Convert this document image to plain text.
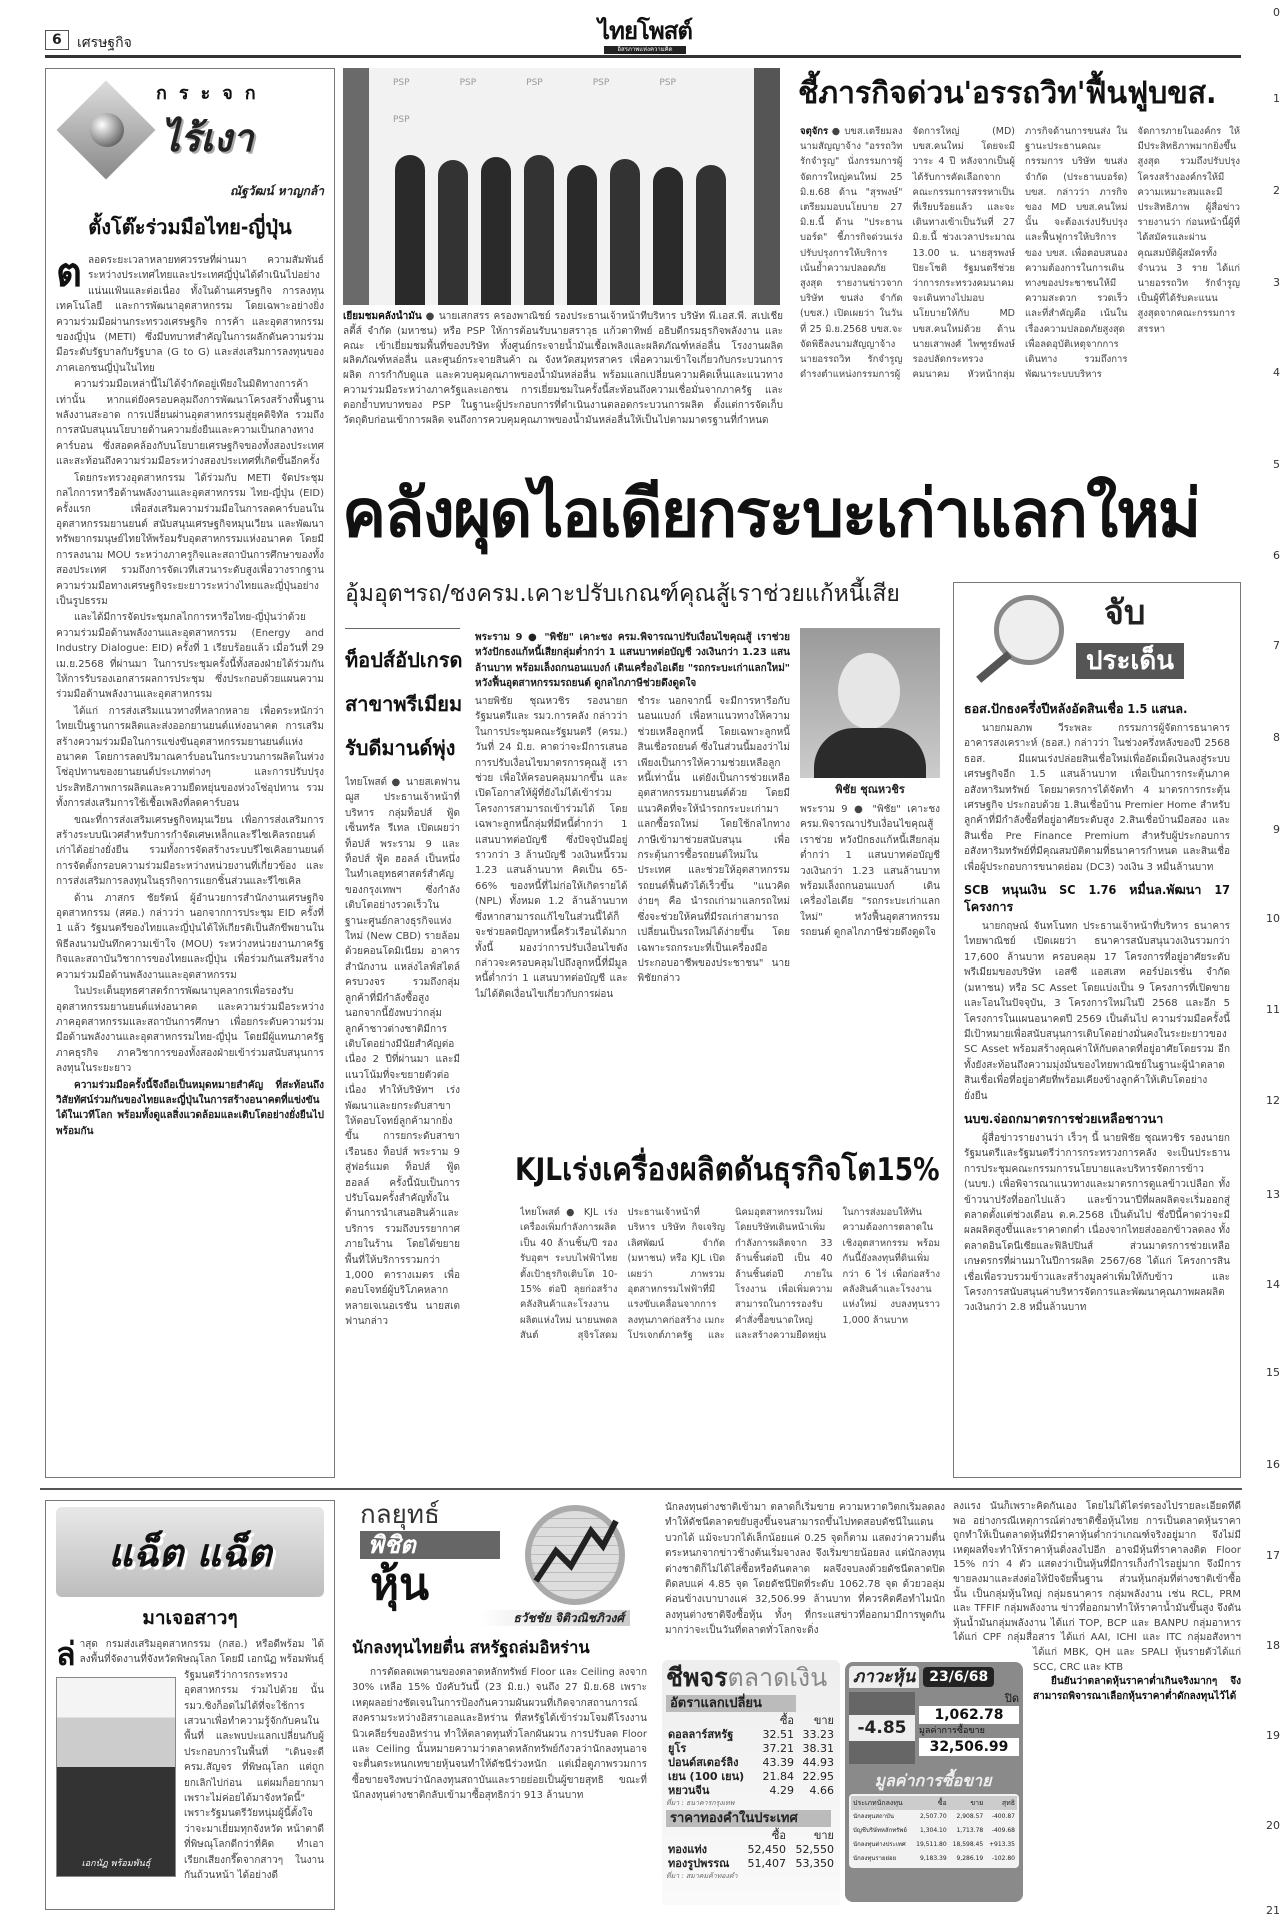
6	เศรษฐกิจ	ไทยโพสต์
อิสรภาพแห่งความคิด
0
1
2
3
4
5
6
7
8
9
10
11
12
13
14
15
16
17
18
19
20
21
กระจก
ไร้เงา
ณัฐวัฒน์ หาญกล้า
ตั้งโต๊ะร่วมมือไทย-ญี่ปุ่น
ต ลอดระยะเวลาหลายทศวรรษที่ผ่านมา ความสัมพันธ์ระหว่างประเทศไทยและประเทศญี่ปุ่นได้ดำเนินไปอย่างแน่นแฟ้นและต่อเนื่อง ทั้งในด้านเศรษฐกิจ การลงทุน เทคโนโลยี และการพัฒนาอุตสาหกรรม โดยเฉพาะอย่างยิ่ง ความร่วมมือผ่านกระทรวงเศรษฐกิจ การค้า และอุตสาหกรรมของญี่ปุ่น (METI) ซึ่งมีบทบาทสำคัญในการผลักดันความร่วมมือระดับรัฐบาลกับรัฐบาล (G to G) และส่งเสริมการลงทุนของภาคเอกชนญี่ปุ่นในไทย

ความร่วมมือเหล่านี้ไม่ได้จำกัดอยู่เพียงในมิติทางการค้าเท่านั้น หากแต่ยังครอบคลุมถึงการพัฒนาโครงสร้างพื้นฐาน พลังงานสะอาด การเปลี่ยนผ่านอุตสาหกรรมสู่ยุคดิจิทัล รวมถึงการสนับสนุนนโยบายด้านความยั่งยืนและความเป็นกลางทางคาร์บอน ซึ่งสอดคล้องกับนโยบายเศรษฐกิจของทั้งสองประเทศ และสะท้อนถึงความร่วมมือระหว่างสองประเทศที่เกิดขึ้นอีกครั้ง

โดยกระทรวงอุตสาหกรรม ได้ร่วมกับ METI จัดประชุมกลไกการหารือด้านพลังงานและอุตสาหกรรม ไทย-ญี่ปุ่น (EID) ครั้งแรก เพื่อส่งเสริมความร่วมมือในการลดคาร์บอนในอุตสาหกรรมยานยนต์ สนับสนุนเศรษฐกิจหมุนเวียน และพัฒนาทรัพยากรมนุษย์ไทยให้พร้อมรับอุตสาหกรรมแห่งอนาคต โดยมีการลงนาม MOU ระหว่างภาครูกิจและสถาบันการศึกษาของทั้งสองประเทศ รวมถึงการจัดเวทีเสวนาระดับสูงเพื่อวางรากฐานความร่วมมือทางเศรษฐกิจระยะยาวระหว่างไทยและญี่ปุ่นอย่างเป็นรูปธรรม

และได้มีการจัดประชุมกลไกการหารือไทย-ญี่ปุ่นว่าด้วยความร่วมมือด้านพลังงานและอุตสาหกรรม (Energy and Industry Dialogue: EID) ครั้งที่ 1 เรียบร้อยแล้ว เมื่อวันที่ 29 เม.ย.2568 ที่ผ่านมา ในการประชุมครั้งนี้ทั้งสองฝ่ายได้ร่วมกันให้การรับรองเอกสารผลการประชุม ซึ่งประกอบด้วยแผนความร่วมมือด้านพลังงานและอุตสาหกรรม

ได้แก่ การส่งเสริมแนวทางที่หลากหลาย เพื่อตระหนักว่าไทยเป็นฐานการผลิตและส่งออกยานยนต์แห่งอนาคต การเสริมสร้างความร่วมมือในการแข่งขันอุตสาหกรรมยานยนต์แห่งอนาคต โดยการลดปริมาณคาร์บอนในกระบวนการผลิตในห่วงโซ่อุปทานของยานยนต์ประเภทต่างๆ และการปรับปรุงประสิทธิภาพการผลิตและความยืดหยุ่นของห่วงโซ่อุปทาน รวมทั้งการส่งเสริมการใช้เชื้อเพลิงที่ลดคาร์บอน

ขณะที่การส่งเสริมเศรษฐกิจหมุนเวียน เพื่อการส่งเสริมการสร้างระบบนิเวศสำหรับการกำจัดเศษเหล็กและรีไซเคิลรถยนต์เก่าได้อย่างยั่งยืน รวมทั้งการจัดสร้างระบบรีไซเคิลยานยนต์ การจัดตั้งกรอบความร่วมมือระหว่างหน่วยงานที่เกี่ยวข้อง และการส่งเสริมการลงทุนในธุรกิจการแยกชิ้นส่วนและรีไซเคิล

ด้าน ภาสกร ชัยรัตน์ ผู้อำนวยการสำนักงานเศรษฐกิจอุตสาหกรรม (สศอ.) กล่าวว่า นอกจากการประชุม EID ครั้งที่ 1 แล้ว รัฐมนตรีของไทยและญี่ปุ่นได้ให้เกียรติเป็นสักขีพยานในพิธีลงนามบันทึกความเข้าใจ (MOU) ระหว่างหน่วยงานภาครัฐกิจและสถาบันวิชาการของไทยและญี่ปุ่น เพื่อร่วมกันเสริมสร้างความร่วมมือด้านพลังงานและอุตสาหกรรม

ในประเด็นยุทธศาสตร์การพัฒนาบุคลากรเพื่อรองรับอุตสาหกรรมยานยนต์แห่งอนาคต และความร่วมมือระหว่างภาคอุตสาหกรรมและสถาบันการศึกษา เพื่อยกระดับความร่วมมือด้านพลังงานและอุตสาหกรรมไทย-ญี่ปุ่น โดยมีผู้แทนภาครัฐภาคธุรกิจ ภาควิชาการของทั้งสองฝ่ายเข้าร่วมสนับสนุนการลงทุนในระยะยาว

ความร่วมมือครั้งนี้จึงถือเป็นหมุดหมายสำคัญ ที่สะท้อนถึงวิสัยทัศน์ร่วมกันของไทยและญี่ปุ่นในการสร้างอนาคตที่แข่งขันได้ในเวทีโลก พร้อมทั้งดูแลสิ่งแวดล้อมและเติบโตอย่างยั่งยืนไปพร้อมกัน

PSP	PSP	PSP	PSP	PSP
PSP
เยี่ยมชมคลังน้ำมัน ● นายเสกสรร ครองพาณิชย์ รองประธานเจ้าหน้าที่บริหาร บริษัท พี.เอส.พี. สเปเชียลตี้ส์ จำกัด (มหาชน) หรือ PSP ให้การต้อนรับนายสราวุธ แก้วตาทิพย์ อธิบดีกรมธุรกิจพลังงาน และคณะ เข้าเยี่ยมชมพื้นที่ของบริษัท ทั้งศูนย์กระจายน้ำมันเชื้อเพลิงและผลิตภัณฑ์หล่อลื่น โรงงานผลิตผลิตภัณฑ์หล่อลื่น และศูนย์กระจายสินค้า ณ จังหวัดสมุทรสาคร เพื่อความเข้าใจเกี่ยวกับกระบวนการผลิต การกำกับดูแล และควบคุมคุณภาพของน้ำมันหล่อลื่น พร้อมแลกเปลี่ยนความคิดเห็นและแนวทางความร่วมมือระหว่างภาครัฐและเอกชน การเยี่ยมชมในครั้งนี้สะท้อนถึงความเชื่อมั่นจากภาครัฐ และตอกย้ำบทบาทของ PSP ในฐานะผู้ประกอบการที่ดำเนินงานตลอดกระบวนการผลิต ตั้งแต่การจัดเก็บวัตถุดิบก่อนเข้าการผลิต จนถึงการควบคุมคุณภาพของน้ำมันหล่อลื่นให้เป็นไปตามมาตรฐานที่กำหนด
ชี้ภารกิจด่วน'อรรถวิท'ฟื้นฟูบขส.
จตุจักร ● บขส.เตรียมลงนามสัญญาจ้าง "อรรถวิท รักจำรูญ" นั่งกรรมการผู้จัดการใหญ่คนใหม่ 25 มิ.ย.68 ด้าน "สุรพงษ์" เตรียมมอบนโยบาย 27 มิ.ย.นี้ ด้าน "ประธานบอร์ด" ชี้ภารกิจด่วนเร่งปรับปรุงการให้บริการ เน้นย้ำความปลอดภัยสูงสุด รายงานข่าวจากบริษัท ขนส่ง จำกัด (บขส.) เปิดเผยว่า ในวันที่ 25 มิ.ย.2568 บขส.จะจัดพิธีลงนามสัญญาจ้างนายอรรถวิท รักจำรูญ ดำรงตำแหน่งกรรมการผู้จัดการใหญ่ (MD) บขส.คนใหม่ โดยจะมีวาระ 4 ปี หลังจากเป็นผู้ได้รับการคัดเลือกจากคณะกรรมการสรรหาเป็นที่เรียบร้อยแล้ว และจะเดินทางเข้าเป็นวันที่ 27 มิ.ย.นี้ ช่วงเวลาประมาณ 13.00 น. นายสุรพงษ์ ปิยะโชติ รัฐมนตรีช่วยว่าการกระทรวงคมนาคม จะเดินทางไปมอบนโยบายให้กับ MD บขส.คนใหม่ด้วย ด้านนายเสาพงศ์ ไพฑูรย์พงษ์ รองปลัดกระทรวงคมนาคม หัวหน้ากลุ่มภารกิจด้านการขนส่ง ในฐานะประธานคณะกรรมการ บริษัท ขนส่ง จำกัด (ประธานบอร์ด) บขส. กล่าวว่า ภารกิจของ MD บขส.คนใหม่นั้น จะต้องเร่งปรับปรุงและฟื้นฟูการให้บริการของ บขส. เพื่อตอบสนองความต้องการในการเดินทางของประชาชนให้มีความสะดวก รวดเร็ว และที่สำคัญคือ เน้นในเรื่องความปลอดภัยสูงสุด เพื่อลดอุบัติเหตุจากการเดินทาง รวมถึงการพัฒนาระบบบริหารจัดการภายในองค์กร ให้มีประสิทธิภาพมากยิ่งขึ้น สูงสุด รวมถึงปรับปรุงโครงสร้างองค์กรให้มีความเหมาะสมและมีประสิทธิภาพ ผู้สื่อข่าวรายงานว่า ก่อนหน้านี้ผู้ที่ได้สมัครและผ่านคุณสมบัติผู้สมัครทั้งจำนวน 3 ราย ได้แก่ นายอรรถวิท รักจำรูญ เป็นผู้ที่ได้รับคะแนนสูงสุดจากคณะกรรมการสรรหา
คลังผุดไอเดียกระบะเก่าแลกใหม่
อุ้มอุตฯรถ/ชงครม.เคาะปรับเกณฑ์คุณสู้เราช่วยแก้หนี้เสีย
ท็อปส์อัปเกรด
สาขาพรีเมียม
รับดีมานด์พุ่ง
ไทยโพสต์ ● นายสเตฟาน ฌูส ประธานเจ้าหน้าที่บริหาร กลุ่มท็อปส์ ฟู้ด เซ็นทรัล รีเทล เปิดเผยว่า ท็อปส์ พระราม 9 และ ท็อปส์ ฟู้ด ฮอลล์ เป็นหนึ่งในทำเลยุทธศาสตร์สำคัญของกรุงเทพฯ ซึ่งกำลังเติบโตอย่างรวดเร็วในฐานะศูนย์กลางธุรกิจแห่งใหม่ (New CBD) รายล้อมด้วยคอนโดมิเนียม อาคารสำนักงาน แหล่งไลฟ์สไตล์ครบวงจร รวมถึงกลุ่มลูกค้าที่มีกำลังซื้อสูง นอกจากนี้ยังพบว่ากลุ่มลูกค้าชาวต่างชาติมีการเติบโตอย่างมีนัยสำคัญต่อเนื่อง 2 ปีที่ผ่านมา และมีแนวโน้มที่จะขยายตัวต่อเนื่อง ทำให้บริษัทฯ เร่งพัฒนาและยกระดับสาขาให้ตอบโจทย์ลูกค้ามากยิ่งขึ้น การยกระดับสาขาเรือนธง ท็อปส์ พระราม 9 สู่ฟอร์แมต ท็อปส์ ฟู้ด ฮอลล์ ครั้งนี้นับเป็นการปรับโฉมครั้งสำคัญทั้งในด้านการนำเสนอสินค้าและบริการ รวมถึงบรรยากาศภายในร้าน โดยได้ขยายพื้นที่ให้บริการรวมกว่า 1,000 ตารางเมตร เพื่อตอบโจทย์ผู้บริโภคหลากหลายเจเนอเรชัน นายสเตฟานกล่าว
พระราม 9 ● "พิชัย" เคาะชง ครม.พิจารณาปรับเงื่อนไขคุณสู้ เราช่วย หวังปักธงแก้หนี้เสียกลุ่มต่ำกว่า 1 แสนบาทต่อบัญชี วงเงินกว่า 1.23 แสนล้านบาท พร้อมเล็งถกนอนแบงก์ เดินเครื่องไอเดีย "รถกระบะเก่าแลกใหม่" หวังฟื้นอุตสาหกรรมรถยนต์ ดูกลไกภาษีช่วยดึงดูดใจ
นายพิชัย ชุณหวชิร รองนายกรัฐมนตรีและ รมว.การคลัง กล่าวว่า ในการประชุมคณะรัฐมนตรี (ครม.) วันที่ 24 มิ.ย. คาดว่าจะมีการเสนอการปรับเงื่อนไขมาตรการคุณสู้ เราช่วย เพื่อให้ครอบคลุมมากขึ้น และเปิดโอกาสให้ผู้ที่ยังไม่ได้เข้าร่วมโครงการสามารถเข้าร่วมได้ โดยเฉพาะลูกหนี้กลุ่มที่มีหนี้ต่ำกว่า 1 แสนบาทต่อบัญชี ซึ่งปัจจุบันมีอยู่ราวกว่า 3 ล้านบัญชี วงเงินหนี้รวม 1.23 แสนล้านบาท คิดเป็น 65-66% ของหนี้ที่ไม่ก่อให้เกิดรายได้ (NPL) ทั้งหมด 1.2 ล้านล้านบาท ซึ่งหากสามารถแก้ไขในส่วนนี้ได้ก็จะช่วยลดปัญหาหนี้ครัวเรือนได้มาก ทั้งนี้ มองว่าการปรับเงื่อนไขดังกล่าวจะครอบคลุมไปถึงลูกหนี้ที่มีมูลหนี้ต่ำกว่า 1 แสนบาทต่อบัญชี และไม่ได้ติดเงื่อนไขเกี่ยวกับการผ่อนชำระ นอกจากนี้ จะมีการหารือกับนอนแบงก์ เพื่อหาแนวทางให้ความช่วยเหลือลูกหนี้ โดยเฉพาะลูกหนี้สินเชื่อรถยนต์ ซึ่งในส่วนนี้มองว่าไม่เพียงเป็นการให้ความช่วยเหลือลูกหนี้เท่านั้น แต่ยังเป็นการช่วยเหลืออุตสาหกรรมยานยนต์ด้วย โดยมีแนวคิดที่จะให้นำรถกระบะเก่ามาแลกซื้อรถใหม่ โดยใช้กลไกทางภาษีเข้ามาช่วยสนับสนุน เพื่อกระตุ้นการซื้อรถยนต์ใหม่ในประเทศ และช่วยให้อุตสาหกรรมรถยนต์ฟื้นตัวได้เร็วขึ้น "แนวคิดง่ายๆ คือ นำรถเก่ามาแลกรถใหม่ ซึ่งจะช่วยให้คนที่มีรถเก่าสามารถเปลี่ยนเป็นรถใหม่ได้ง่ายขึ้น โดยเฉพาะรถกระบะที่เป็นเครื่องมือประกอบอาชีพของประชาชน" นายพิชัยกล่าว
พิชัย ชุณหวชิร
พระราม 9 ● "พิชัย" เคาะชง ครม.พิจารณาปรับเงื่อนไขคุณสู้ เราช่วย หวังปักธงแก้หนี้เสียกลุ่มต่ำกว่า 1 แสนบาทต่อบัญชี วงเงินกว่า 1.23 แสนล้านบาท พร้อมเล็งถกนอนแบงก์ เดินเครื่องไอเดีย "รถกระบะเก่าแลกใหม่" หวังฟื้นอุตสาหกรรมรถยนต์ ดูกลไกภาษีช่วยดึงดูดใจ
KJLเร่งเครื่องผลิตดันธุรกิจโต15%
ไทยโพสต์ ● KJL เร่งเครื่องเพิ่มกำลังการผลิตเป็น 40 ล้านชิ้น/ปี รองรับอุตฯ ระบบไฟฟ้าไทย ตั้งเป้าธุรกิจเติบโต 10-15% ต่อปี ลุยก่อสร้างคลังสินค้าและโรงงานผลิตแห่งใหม่ นายนพดลสันต์ สุจิรโสดม ประธานเจ้าหน้าที่บริหาร บริษัท กิจเจริญ เลิศพัฒน์ จำกัด (มหาชน) หรือ KJL เปิดเผยว่า ภาพรวมอุตสาหกรรมไฟฟ้าที่มีแรงขับเคลื่อนจากการลงทุนภาคก่อสร้าง เมกะโปรเจกต์ภาครัฐ และนิคมอุตสาหกรรมใหม่ โดยบริษัทเดินหน้าเพิ่มกำลังการผลิตจาก 33 ล้านชิ้นต่อปี เป็น 40 ล้านชิ้นต่อปี ภายในโรงงาน เพื่อเพิ่มความสามารถในการรองรับคำสั่งซื้อขนาดใหญ่ และสร้างความยืดหยุ่นในการส่งมอบให้ทันความต้องการตลาดในเชิงอุตสาหกรรม พร้อมกันนี้ยังลงทุนที่ดินเพิ่มกว่า 6 ไร่ เพื่อก่อสร้างคลังสินค้าและโรงงานแห่งใหม่ งบลงทุนราว 1,000 ล้านบาท
จับ
ประเด็น
ธอส.ปักธงครึ่งปีหลังอัดสินเชื่อ 1.5 แสนล.

นายกมลภพ วีระพละ กรรมการผู้จัดการธนาคารอาคารสงเคราะห์ (ธอส.) กล่าวว่า ในช่วงครึ่งหลังของปี 2568 ธอส. มีแผนเร่งปล่อยสินเชื่อใหม่เพื่ออัดเม็ดเงินลงสู่ระบบเศรษฐกิจอีก 1.5 แสนล้านบาท เพื่อเป็นการกระตุ้นภาคอสังหาริมทรัพย์ โดยมาตรการได้จัดทำ 4 มาตรการกระตุ้นเศรษฐกิจ ประกอบด้วย 1.สินเชื่อบ้าน Premier Home สำหรับลูกค้าที่มีกำลังซื้อที่อยู่อาศัยระดับสูง 2.สินเชื่อบ้านมือสอง และสินเชื่อ Pre Finance Premium สำหรับผู้ประกอบการอสังหาริมทรัพย์ที่มีคุณสมบัติตามที่ธนาคารกำหนด และสินเชื่อเพื่อผู้ประกอบการขนาดย่อม (DC3) วงเงิน 3 หมื่นล้านบาท

SCB หนุนเงิน SC 1.76 หมื่นล.พัฒนา 17 โครงการ

นายกฤษณ์ จันทโนทก ประธานเจ้าหน้าที่บริหาร ธนาคารไทยพาณิชย์ เปิดเผยว่า ธนาคารสนับสนุนวงเงินรวมกว่า 17,600 ล้านบาท ครอบคลุม 17 โครงการที่อยู่อาศัยระดับพรีเมียมของบริษัท เอสซี แอสเสท คอร์ปอเรชั่น จำกัด (มหาชน) หรือ SC Asset โดยแบ่งเป็น 9 โครงการที่เปิดขายและโอนในปัจจุบัน, 3 โครงการใหม่ในปี 2568 และอีก 5 โครงการในแผนอนาคตปี 2569 เป็นต้นไป ความร่วมมือครั้งนี้มีเป้าหมายเพื่อสนับสนุนการเติบโตอย่างมั่นคงในระยะยาวของ SC Asset พร้อมสร้างคุณค่าให้กับตลาดที่อยู่อาศัยโดยรวม อีกทั้งยังสะท้อนถึงความมุ่งมั่นของไทยพาณิชย์ในฐานะผู้นำตลาดสินเชื่อเพื่อที่อยู่อาศัยที่พร้อมเคียงข้างลูกค้าให้เติบโตอย่างยั่งยืน

นบข.จ่อถกมาตรการช่วยเหลือชาวนา

ผู้สื่อข่าวรายงานว่า เร็วๆ นี้ นายพิชัย ชุณหวชิร รองนายกรัฐมนตรีและรัฐมนตรีว่าการกระทรวงการคลัง จะเป็นประธานการประชุมคณะกรรมการนโยบายและบริหารจัดการข้าว (นบข.) เพื่อพิจารณาแนวทางและมาตรการดูแลข้าวเปลือก ทั้งข้าวนาปรังที่ออกไปแล้ว และข้าวนาปีที่ผลผลิตจะเริ่มออกสู่ตลาดตั้งแต่ช่วงเดือน ต.ค.2568 เป็นต้นไป ซึ่งปีนี้คาดว่าจะมีผลผลิตสูงขึ้นและราคาตกต่ำ เนื่องจากไทยส่งออกข้าวลดลง ทั้งตลาดอินโดนีเซียและฟิลิปปินส์ ส่วนมาตรการช่วยเหลือเกษตรกรที่ผ่านมาในปีการผลิต 2567/68 ได้แก่ โครงการสินเชื่อเพื่อรวบรวมข้าวและสร้างมูลค่าเพิ่มให้กับข้าว และโครงการสนับสนุนค่าบริหารจัดการและพัฒนาคุณภาพผลผลิต วงเงินกว่า 2.8 หมื่นล้านบาท

แฉ็ต แฉ็ต
มาเจอสาวๆ
ล่
เอกนัฏ พร้อมพันธุ์
าสุด กรมส่งเสริมอุตสาหกรรม (กสอ.) หรือดีพร้อม ได้ลงพื้นที่จัดงานที่จังหวัดพิษณุโลก โดยมี เอกนัฏ พร้อมพันธุ์ รัฐมนตรีว่าการกระทรวงอุตสาหกรรม ร่วมไปด้วย นั้น รมว.ซิงก็อดไม่ได้ที่จะใช้การเสวนาเพื่อทำความรู้จักกับคนในพื้นที่ และพบปะแลกเปลี่ยนกับผู้ประกอบการในพื้นที่ "เดินจะดี ครม.สัญจร ที่พิษณุโลก แต่ถูกยกเลิกไปก่อน แต่ผมก็อยากมา เพราะไม่ค่อยได้มาจังหวัดนี้" เพราะรัฐมนตรีวัยหนุ่มผู้นี้ตั้งใจว่าจะมาเยี่ยมทุกจังหวัด หน้าตาดี ที่พิษณุโลกดีกว่าที่คิด ทำเอาเรียกเสียงกรี๊ดจากสาวๆ ในงานกันถ้วนหน้า ได้อย่างดี
กลยุทธ์
พิชิต
หุ้น
ธวัชชัย จิติวณิชภิวงศ์
นักลงทุนไทยตื่น สหรัฐถล่มอิหร่าน

การตัดลดเพดานของตลาดหลักทรัพย์ Floor และ Ceiling ลงจาก 30% เหลือ 15% บังคับวันนี้ (23 มิ.ย.) จนถึง 27 มิ.ย.68 เพราะเหตุผลอย่างชัดเจนในการป้องกันความผันผวนที่เกิดจากสถานการณ์สงครามระหว่างอิสราเอลและอิหร่าน ที่สหรัฐได้เข้าร่วมโจมตีโรงงานนิวเคลียร์ของอิหร่าน ทำให้ตลาดทุนทั่วโลกผันผวน การปรับลด Floor และ Ceiling นั้นหมายความว่าตลาดหลักทรัพย์กังวลว่านักลงทุนอาจจะตื่นตระหนกเทขายหุ้นจนทำให้ดัชนีร่วงหนัก แต่เมื่อดูภาพรวมการซื้อขายจริงพบว่านักลงทุนสถาบันและรายย่อยเป็นผู้ขายสุทธิ ขณะที่นักลงทุนต่างชาติกลับเข้ามาซื้อสุทธิกว่า 913 ล้านบาท

นักลงทุนต่างชาติเข้ามา ตลาดก็เริ่มขาย ความหวาดวิตกเริ่มลดลง ทำให้ดัชนีตลาดขยับสูงขึ้นจนสามารถขึ้นไปทดสอบดัชนีในแดนบวกได้ แม้จะบวกได้เล็กน้อยแค่ 0.25 จุดก็ตาม แสดงว่าความตื่นตระหนกจากข่าวช้างต้นเริ่มจางลง จึงเริ่มขายน้อยลง แต่นักลงทุนต่างชาติก็ไม่ได้ไล่ซื้อหรือดันตลาด ผลจึงจบลงด้วยดัชนีตลาดปิดติดลบแค่ 4.85 จุด โดยดัชนีปิดที่ระดับ 1062.78 จุด ด้วยวอลุ่มค่อนข้างเบาบางแค่ 32,506.99 ล้านบาท ที่ควรคิดคือทำไมนักลงทุนต่างชาติจึงซื้อหุ้น ทั้งๆ ที่กระแสข่าวที่ออกมามีการพูดกันมากว่าจะเป็นวันที่ตลาดทั่วโลกจะดิ่ง
ลงแรง นั่นก็เพราะคิดกันเอง โดยไม่ได้ไตร่ตรองไปรายละเอียดที่ดีพอ อย่างกรณีเหตุการณ์ต่างชาติซื้อหุ้นไทย การเป็นตลาดหุ้นราคาถูกทำให้เป็นตลาดหุ้นที่มีราคาหุ้นต่ำกว่าเกณฑ์จริงอยู่มาก จึงไม่มีเหตุผลที่จะทำให้ราคาหุ้นดิ่งลงไปอีก อาจมีหุ้นที่ราคาลงติด Floor 15% กว่า 4 ตัว แสดงว่าเป็นหุ้นที่มีการเก็งกำไรอยู่มาก จึงมีการขายลงมาและส่งต่อให้ปัจจัยพื้นฐาน ส่วนหุ้นกลุ่มที่ต่างชาติเข้าซื้อนั้น เป็นกลุ่มหุ้นใหญ่ กลุ่มธนาคาร กลุ่มพลังงาน เช่น RCL, PRM และ TFFIF กลุ่มพลังงาน ข่าวที่ออกมาทำให้ราคาน้ำมันขึ้นสูง จึงดันหุ้นน้ำมันกลุ่มพลังงาน ได้แก่ TOP, BCP และ BANPU กลุ่มอาหาร ได้แก่ CPF กลุ่มสื่อสาร ได้แก่ AAI, ICHI และ ITC กลุ่มอสังหาฯ ได้แก่ MBK, QH และ SPALI หุ้นรายตัวได้แก่ SCC, CRC และ KTB

ยืนยันว่าตลาดหุ้นราคาต่ำเกินจริงมากๆ จึงสามารถพิจารณาเลือกหุ้นราคาต่ำดักลงทุนไว้ได้

ชีพจรตลาดเงิน
อัตราแลกเปลี่ยน
	ซื้อ	ขาย
ดอลลาร์สหรัฐ	32.51	33.23
ยูโร	37.21	38.31
ปอนด์สเตอร์ลิง	43.39	44.93
เยน (100 เยน)	21.84	22.95
หยวนจีน	4.29	4.66
ที่มา : ธนาคารกรุงเทพ
ราคาทองคำในประเทศ
	ซื้อ	ขาย
ทองแท่ง	52,450	52,550
ทองรูปพรรณ	51,407	53,350
ที่มา : สมาคมค้าทองคำ
ภาวะหุ้น	23/6/68
-4.85
ปิด
1,062.78
มูลค่าการซื้อขาย
32,506.99
มูลค่าการซื้อขาย
ประเภทนักลงทุน	ซื้อ	ขาย	สุทธิ
นักลงทุนสถาบัน	2,507.70	2,908.57	-400.87
บัญชีบริษัทหลักทรัพย์	1,304.10	1,713.78	-409.68
นักลงทุนต่างประเทศ	19,511.80	18,598.45	+913.35
นักลงทุนรายย่อย	9,183.39	9,286.19	-102.80
